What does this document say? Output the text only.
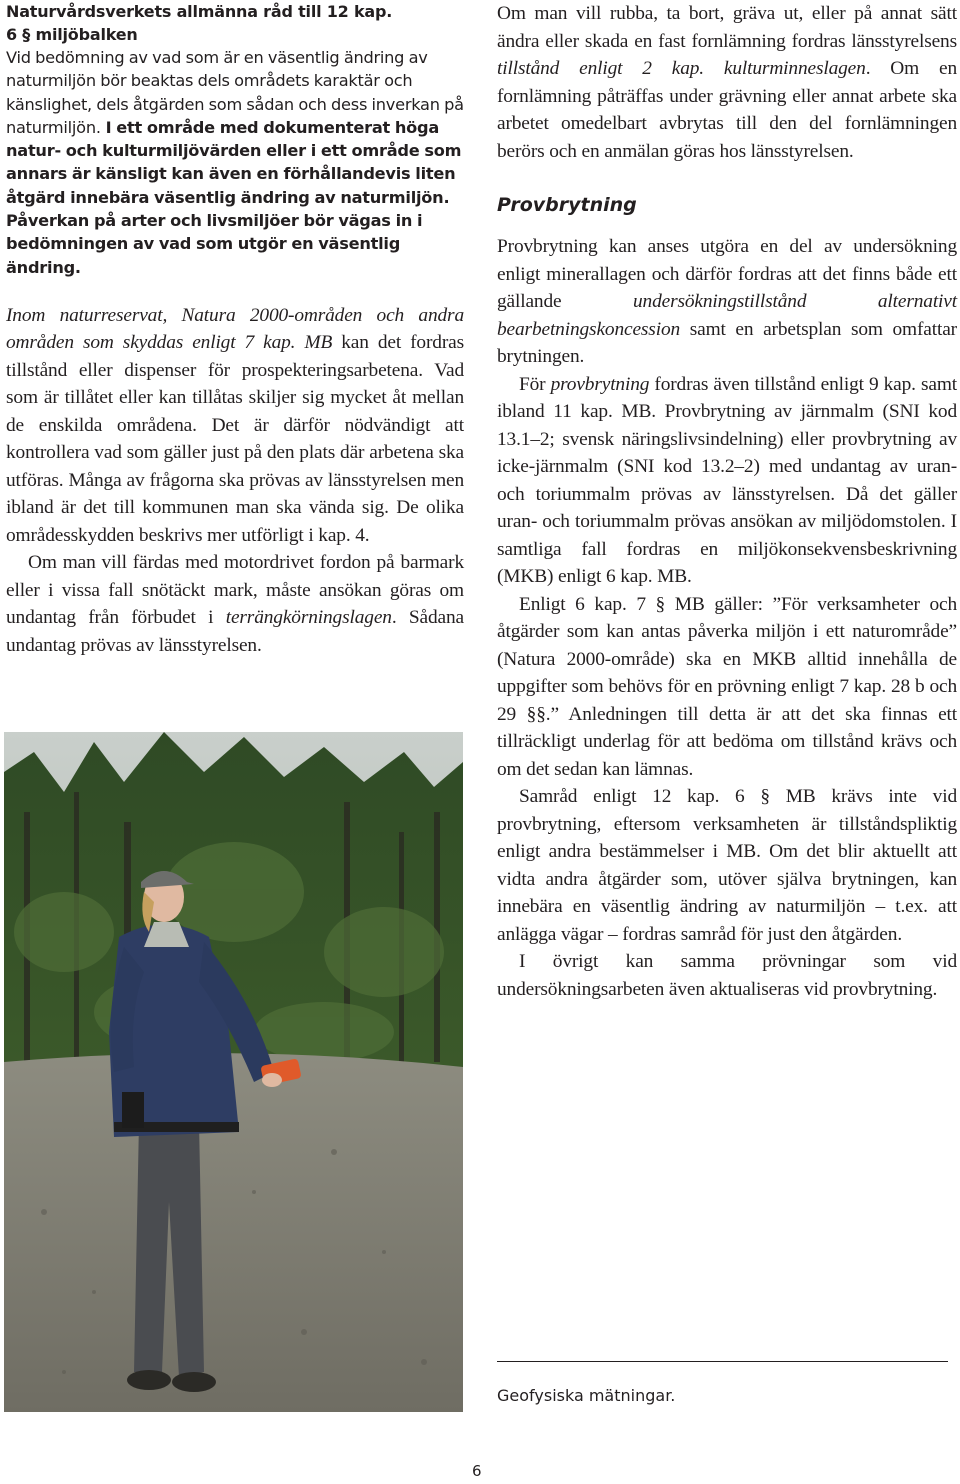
Naturvårdsverkets allmänna råd till 12 kap.
6 § miljöbalken

Vid bedömning av vad som är en väsentlig ändring av naturmiljön bör beaktas dels områdets karaktär och känslighet, dels åtgärden som sådan och dess inverkan på naturmiljön. I ett område med dokumenterat höga natur- och kulturmiljövärden eller i ett område som annars är känsligt kan även en förhållandevis liten åtgärd innebära väsentlig ändring av naturmiljön. Påverkan på arter och livsmiljöer bör vägas in i bedömningen av vad som utgör en väsentlig ändring.

Inom naturreservat, Natura 2000-områden och andra områden som skyddas enligt 7 kap. MB kan det fordras tillstånd eller dispenser för prospekteringsarbetena. Vad som är tillåtet eller kan tillåtas skiljer sig mycket åt mellan de enskilda områdena. Det är därför nödvändigt att kontrollera vad som gäller just på den plats där arbetena ska utföras. Många av frågorna ska prövas av länsstyrelsen men ibland är det till kommunen man ska vända sig. De olika områdesskydden beskrivs mer utförligt i kap. 4.

Om man vill färdas med motordrivet fordon på barmark eller i vissa fall snötäckt mark, måste ansökan göras om undantag från förbudet i terrängkörningslagen. Sådana undantag prövas av länsstyrelsen.

Om man vill rubba, ta bort, gräva ut, eller på annat sätt ändra eller skada en fast fornlämning fordras länsstyrelsens tillstånd enligt 2 kap. kulturminneslagen. Om en fornlämning påträffas under grävning eller annat arbete ska arbetet omedelbart avbrytas till den del fornlämningen berörs och en anmälan göras hos länsstyrelsen.

Provbrytning

Provbrytning kan anses utgöra en del av undersökning enligt minerallagen och därför fordras att det finns både ett gällande undersökningstillstånd alternativt bearbetningskoncession samt en arbetsplan som omfattar brytningen.

För provbrytning fordras även tillstånd enligt 9 kap. samt ibland 11 kap. MB. Provbrytning av järnmalm (SNI kod 13.1–2; svensk näringslivsindelning) eller provbrytning av icke-järnmalm (SNI kod 13.2–2) med undantag av uran- och toriummalm prövas av länsstyrelsen. Då det gäller uran- och toriummalm prövas ansökan av miljödomstolen. I samtliga fall fordras en miljökonsekvensbeskrivning (MKB) enligt 6 kap. MB.

Enligt 6 kap. 7 § MB gäller: ”För verksamheter och åtgärder som kan antas påverka miljön i ett naturområde” (Natura 2000-område) ska en MKB alltid innehålla de uppgifter som behövs för en prövning enligt 7 kap. 28 b och 29 §§.” Anledningen till detta är att det ska finnas ett tillräckligt underlag för att bedöma om tillstånd krävs och om det sedan kan lämnas.

Samråd enligt 12 kap. 6 § MB krävs inte vid provbrytning, eftersom verksamheten är tillståndspliktig enligt andra bestämmelser i MB. Om det blir aktuellt att vidta andra åtgärder som, utöver själva brytningen, kan innebära en väsentlig ändring av naturmiljön – t.ex. att anlägga vägar – fordras samråd för just den åtgärden.

I övrigt kan samma prövningar som vid undersökningsarbeten även aktualiseras vid provbrytning.

Geofysiska mätningar.
6
